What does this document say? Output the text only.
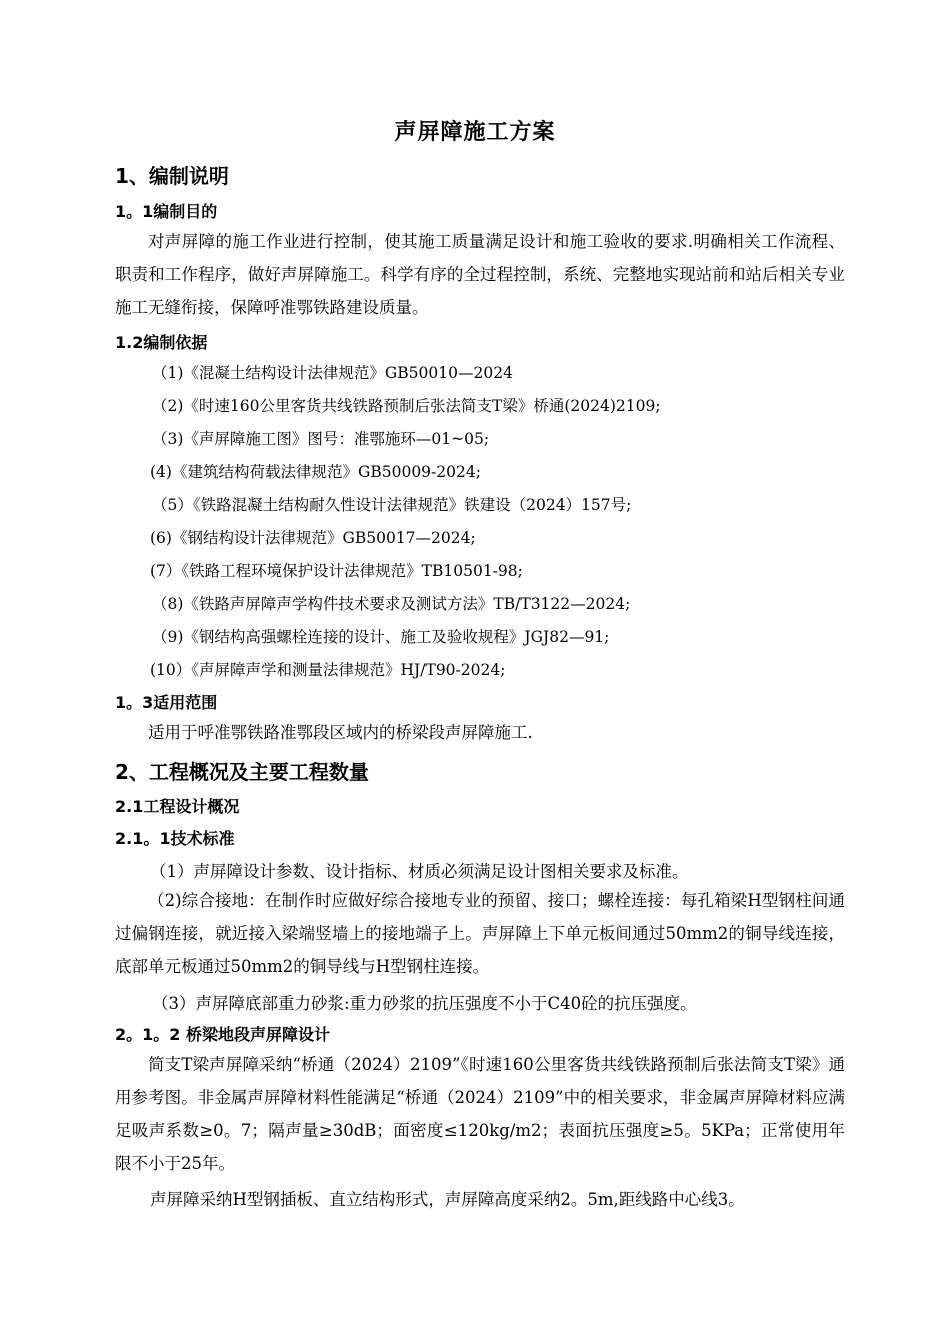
声屏障施工方案
1、编制说明
1。1编制目的

对声屏障的施工作业进行控制，使其施工质量满足设计和施工验收的要求.明确相关工作流程、职责和工作程序，做好声屏障施工。科学有序的全过程控制，系统、完整地实现站前和站后相关专业施工无缝衔接，保障呼准鄂铁路建设质量。

1.2编制依据
（1)《混凝土结构设计法律规范》GB50010—2024
（2)《时速160公里客货共线铁路预制后张法简支T梁》桥通(2024)2109;
（3)《声屏障施工图》图号：准鄂施环—01~05;
(4)《建筑结构荷载法律规范》GB50009-2024;
（5）《铁路混凝土结构耐久性设计法律规范》铁建设（2024）157号;
(6)《钢结构设计法律规范》GB50017—2024;
(7）《铁路工程环境保护设计法律规范》TB10501-98;
（8)《铁路声屏障声学构件技术要求及测试方法》TB/T3122—2024;
（9)《钢结构高强螺栓连接的设计、施工及验收规程》JGJ82—91;
(10）《声屏障声学和测量法律规范》HJ/T90-2024;
1。3适用范围

适用于呼准鄂铁路准鄂段区域内的桥梁段声屏障施工.

2、工程概况及主要工程数量
2.1工程设计概况
2.1。1技术标准
（1）声屏障设计参数、设计指标、材质必须满足设计图相关要求及标准。

（2)综合接地：在制作时应做好综合接地专业的预留、接口；螺栓连接：每孔箱梁H型钢柱间通过偏钢连接，就近接入梁端竖墙上的接地端子上。声屏障上下单元板间通过50mm2的铜导线连接，底部单元板通过50mm2的铜导线与H型钢柱连接。

（3）声屏障底部重力砂浆:重力砂浆的抗压强度不小于C40砼的抗压强度。
2。1。2 桥梁地段声屏障设计

简支T梁声屏障采纳“桥通（2024）2109”《时速160公里客货共线铁路预制后张法简支T梁》通用参考图。非金属声屏障材料性能满足“桥通（2024）2109”中的相关要求，非金属声屏障材料应满足吸声系数≥0。7；隔声量≥30dB；面密度≤120kg/m2；表面抗压强度≥5。5KPa；正常使用年限不小于25年。

声屏障采纳H型钢插板、直立结构形式，声屏障高度采纳2。5m,距线路中心线3。
